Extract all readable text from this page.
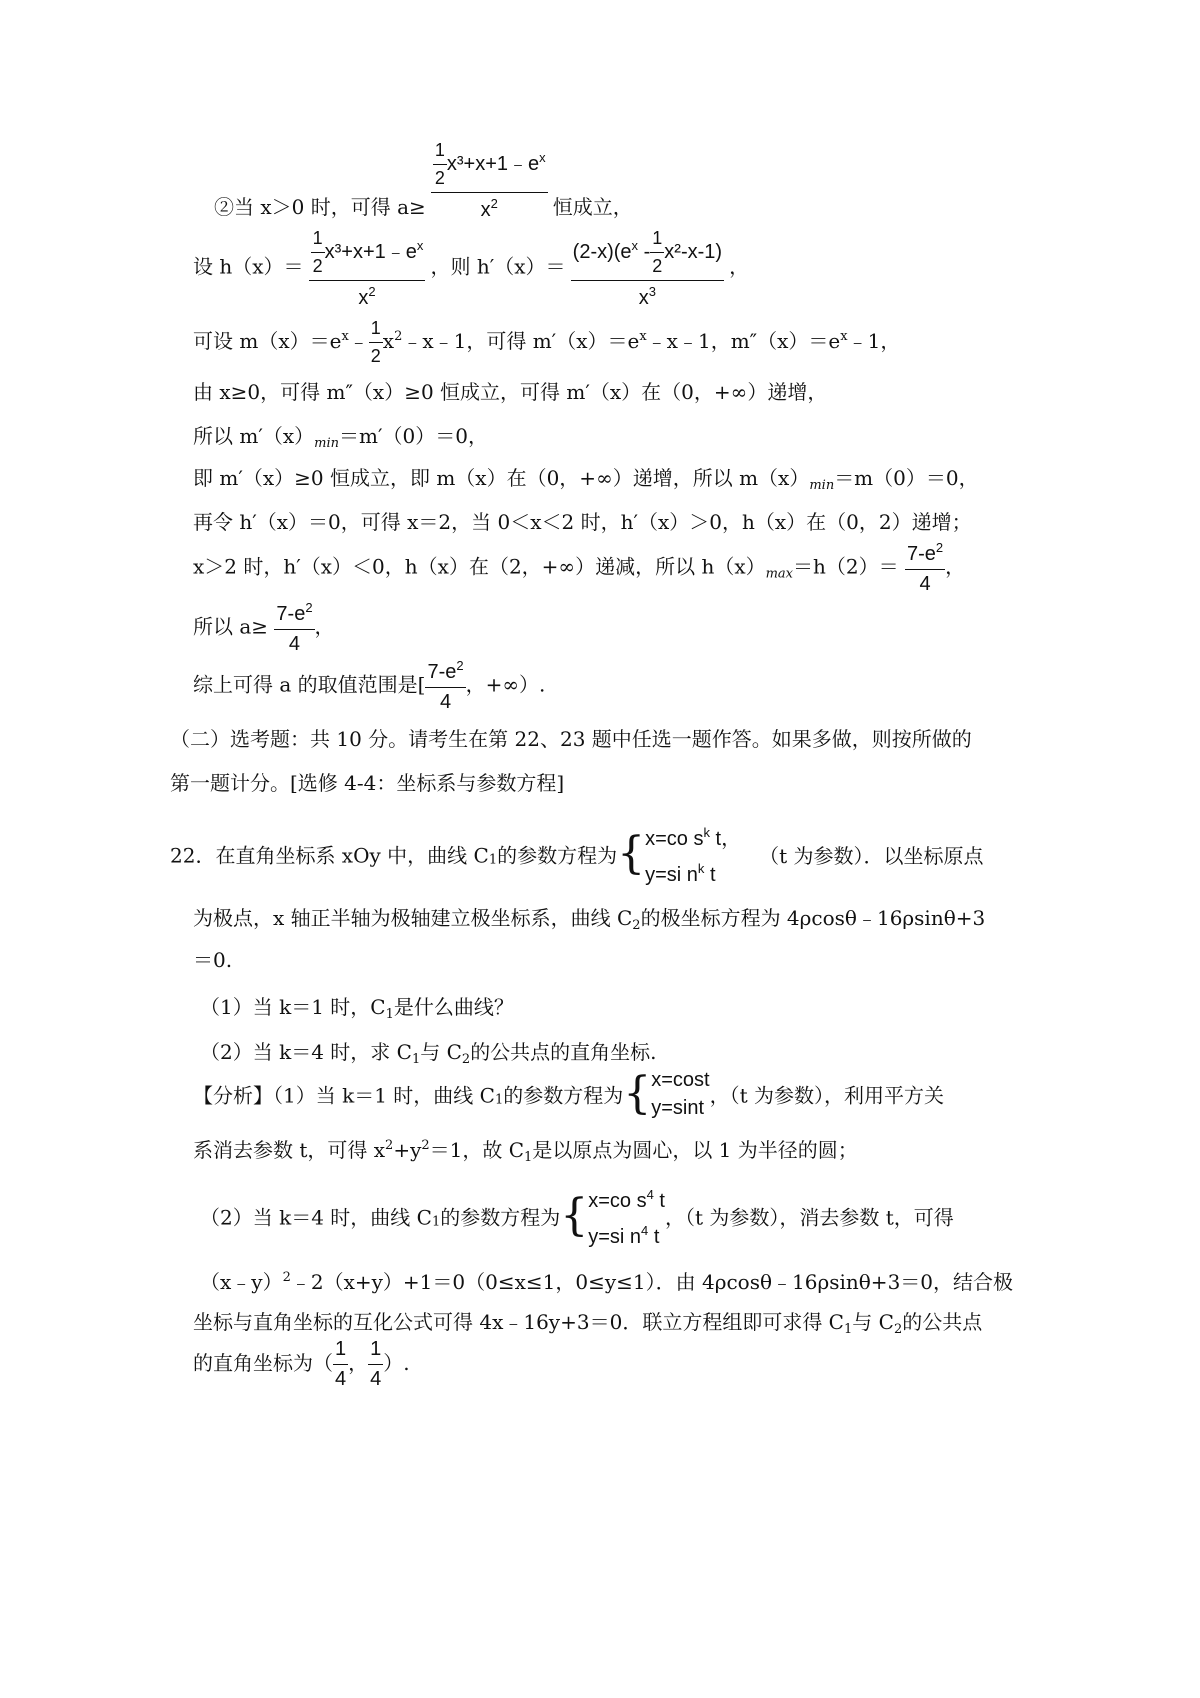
②当 x＞0 时，可得 $a\ge \frac{\frac{1}{2} x^3+x+1﹣e^x}{x^2}$ 恒成立，
设 $h(x)= \frac{\frac{1}{2} x^3+x+1﹣e^x}{x^2}$ ，则 $h'(x)= \frac{(2-x)(e^x - \frac{1}{2} x^2-x-1)}{x^3}$ ，
可设 $m(x)=e^x﹣ \frac{1}{2}$ $x^2﹣x﹣1$，可得 $m'(x)=e^x﹣x﹣1$，$m''(x)=e^x﹣1$，
由 x≥0，可得 m″（x）≥0 恒成立，可得 m′（x）在（0，+∞）递增，
所以 $m'(x)_{min}=m'(0)=0$，
即 m′（x）≥0 恒成立，即 m（x）在（0，+∞）递增，所以 $m(x)_{min}=m(0)=0$，
再令 h′（x）＝0，可得 x＝2，当 0＜x＜2 时，h′（x）＞0，h（x）在（0，2）递增；
x＞2 时，h′（x）＜0，h（x）在（2，+∞）递减，所以 $h(x)_{max}=h(2)= \frac{7-e^2}{4}$ ，
所以 $a\ge \frac{7-e^2}{4}$ ，
综上可得 a 的取值范围是[ $\frac{7-e^2}{4}$ ，+∞）.
（二）选考题：共 10 分。请考生在第 22、23 题中任选一题作答。如果多做，则按所做的
第一题计分。[选修 4-4：坐标系与参数方程]
22．在直角坐标系 xOy 中，曲线 $C_1$的参数方程为{ x=co $s^k$ t，
y=si $n^k$ t
（t 为参数）．以坐标原点
为极点，x 轴正半轴为极轴建立极坐标系，曲线 $C_2$的极坐标方程为 4ρcosθ﹣16ρsinθ+3
＝0.
（1）当 k＝1 时，$C_1$是什么曲线？
（2）当 k＝4 时，求 $C_1$与 $C_2$的公共点的直角坐标.
【分析】（1）当 k＝1 时，曲线 $C_1$的参数方程为{ x=cost
y=sint
，（t 为参数），利用平方关
系消去参数 t，可得 $x^2+y^2=1$，故 $C_1$是以原点为圆心，以 1 为半径的圆；
（2）当 k＝4 时，曲线 $C_1$的参数方程为{ x=co $s^4$ t
y=si $n^4$ t
，（t 为参数），消去参数 t，可得
（x﹣y）$^2$﹣2（x+y）+1＝0（0≤x≤1，0≤y≤1）．由 4ρcosθ﹣16ρsinθ+3＝0，结合极
坐标与直角坐标的互化公式可得 4x﹣16y+3＝0．联立方程组即可求得 $C_1$与 $C_2$的公共点
的直角坐标为（ $\frac{1}{4}$ ， $\frac{1}{4}$ ）.
